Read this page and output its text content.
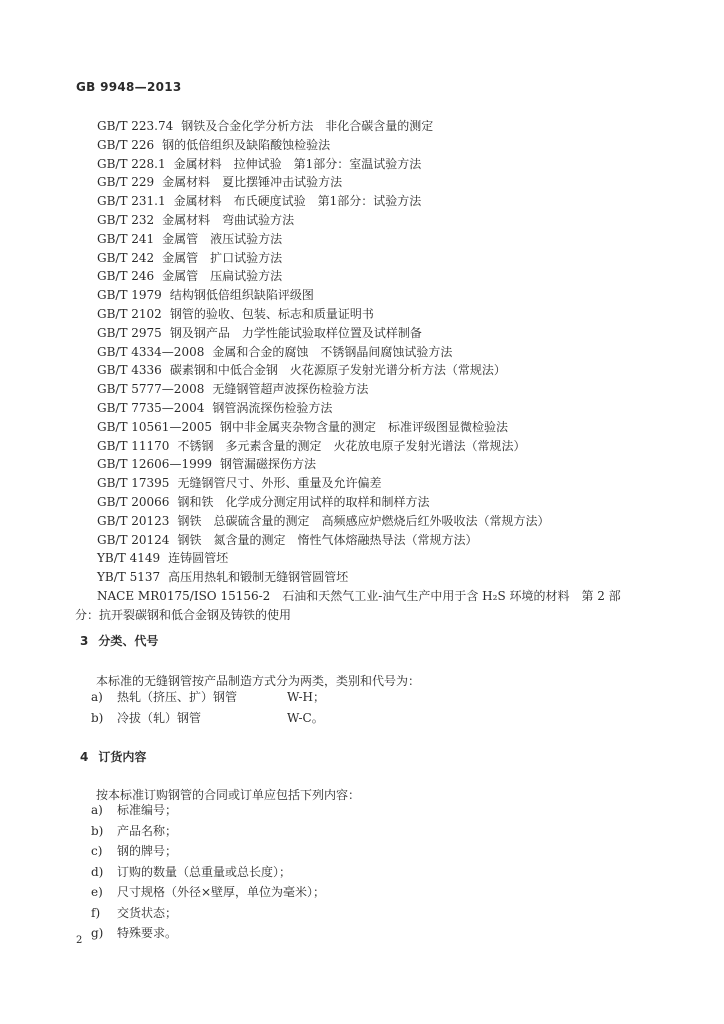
GB 9948—2013
GB/T 223.74 钢铁及合金化学分析方法　非化合碳含量的测定
GB/T 226 钢的低倍组织及缺陷酸蚀检验法
GB/T 228.1 金属材料　拉伸试验　第1部分：室温试验方法
GB/T 229 金属材料　夏比摆锤冲击试验方法
GB/T 231.1 金属材料　布氏硬度试验　第1部分：试验方法
GB/T 232 金属材料　弯曲试验方法
GB/T 241 金属管　液压试验方法
GB/T 242 金属管　扩口试验方法
GB/T 246 金属管　压扁试验方法
GB/T 1979 结构钢低倍组织缺陷评级图
GB/T 2102 钢管的验收、包装、标志和质量证明书
GB/T 2975 钢及钢产品　力学性能试验取样位置及试样制备
GB/T 4334—2008 金属和合金的腐蚀　不锈钢晶间腐蚀试验方法
GB/T 4336 碳素钢和中低合金钢　火花源原子发射光谱分析方法（常规法）
GB/T 5777—2008 无缝钢管超声波探伤检验方法
GB/T 7735—2004 钢管涡流探伤检验方法
GB/T 10561—2005 钢中非金属夹杂物含量的测定　标准评级图显微检验法
GB/T 11170 不锈钢　多元素含量的测定　火花放电原子发射光谱法（常规法）
GB/T 12606—1999 钢管漏磁探伤方法
GB/T 17395 无缝钢管尺寸、外形、重量及允许偏差
GB/T 20066 钢和铁　化学成分测定用试样的取样和制样方法
GB/T 20123 钢铁　总碳硫含量的测定　高频感应炉燃烧后红外吸收法（常规方法）
GB/T 20124 钢铁　氮含量的测定　惰性气体熔融热导法（常规方法）
YB/T 4149 连铸圆管坯
YB/T 5137 高压用热轧和锻制无缝钢管圆管坯
NACE MR0175/ISO 15156-2　石油和天然气工业-油气生产中用于含 H₂S 环境的材料　第 2 部
分：抗开裂碳钢和低合金钢及铸铁的使用
3 分类、代号
本标准的无缝钢管按产品制造方式分为两类，类别和代号为：
a) 热轧（挤压、扩）钢管	W-H；
b) 冷拔（轧）钢管	W-C。
4 订货内容
按本标准订购钢管的合同或订单应包括下列内容：
a) 标准编号；
b) 产品名称；
c) 钢的牌号；
d) 订购的数量（总重量或总长度）；
e) 尺寸规格（外径×壁厚，单位为毫米）；
f) 交货状态；
g) 特殊要求。
2
